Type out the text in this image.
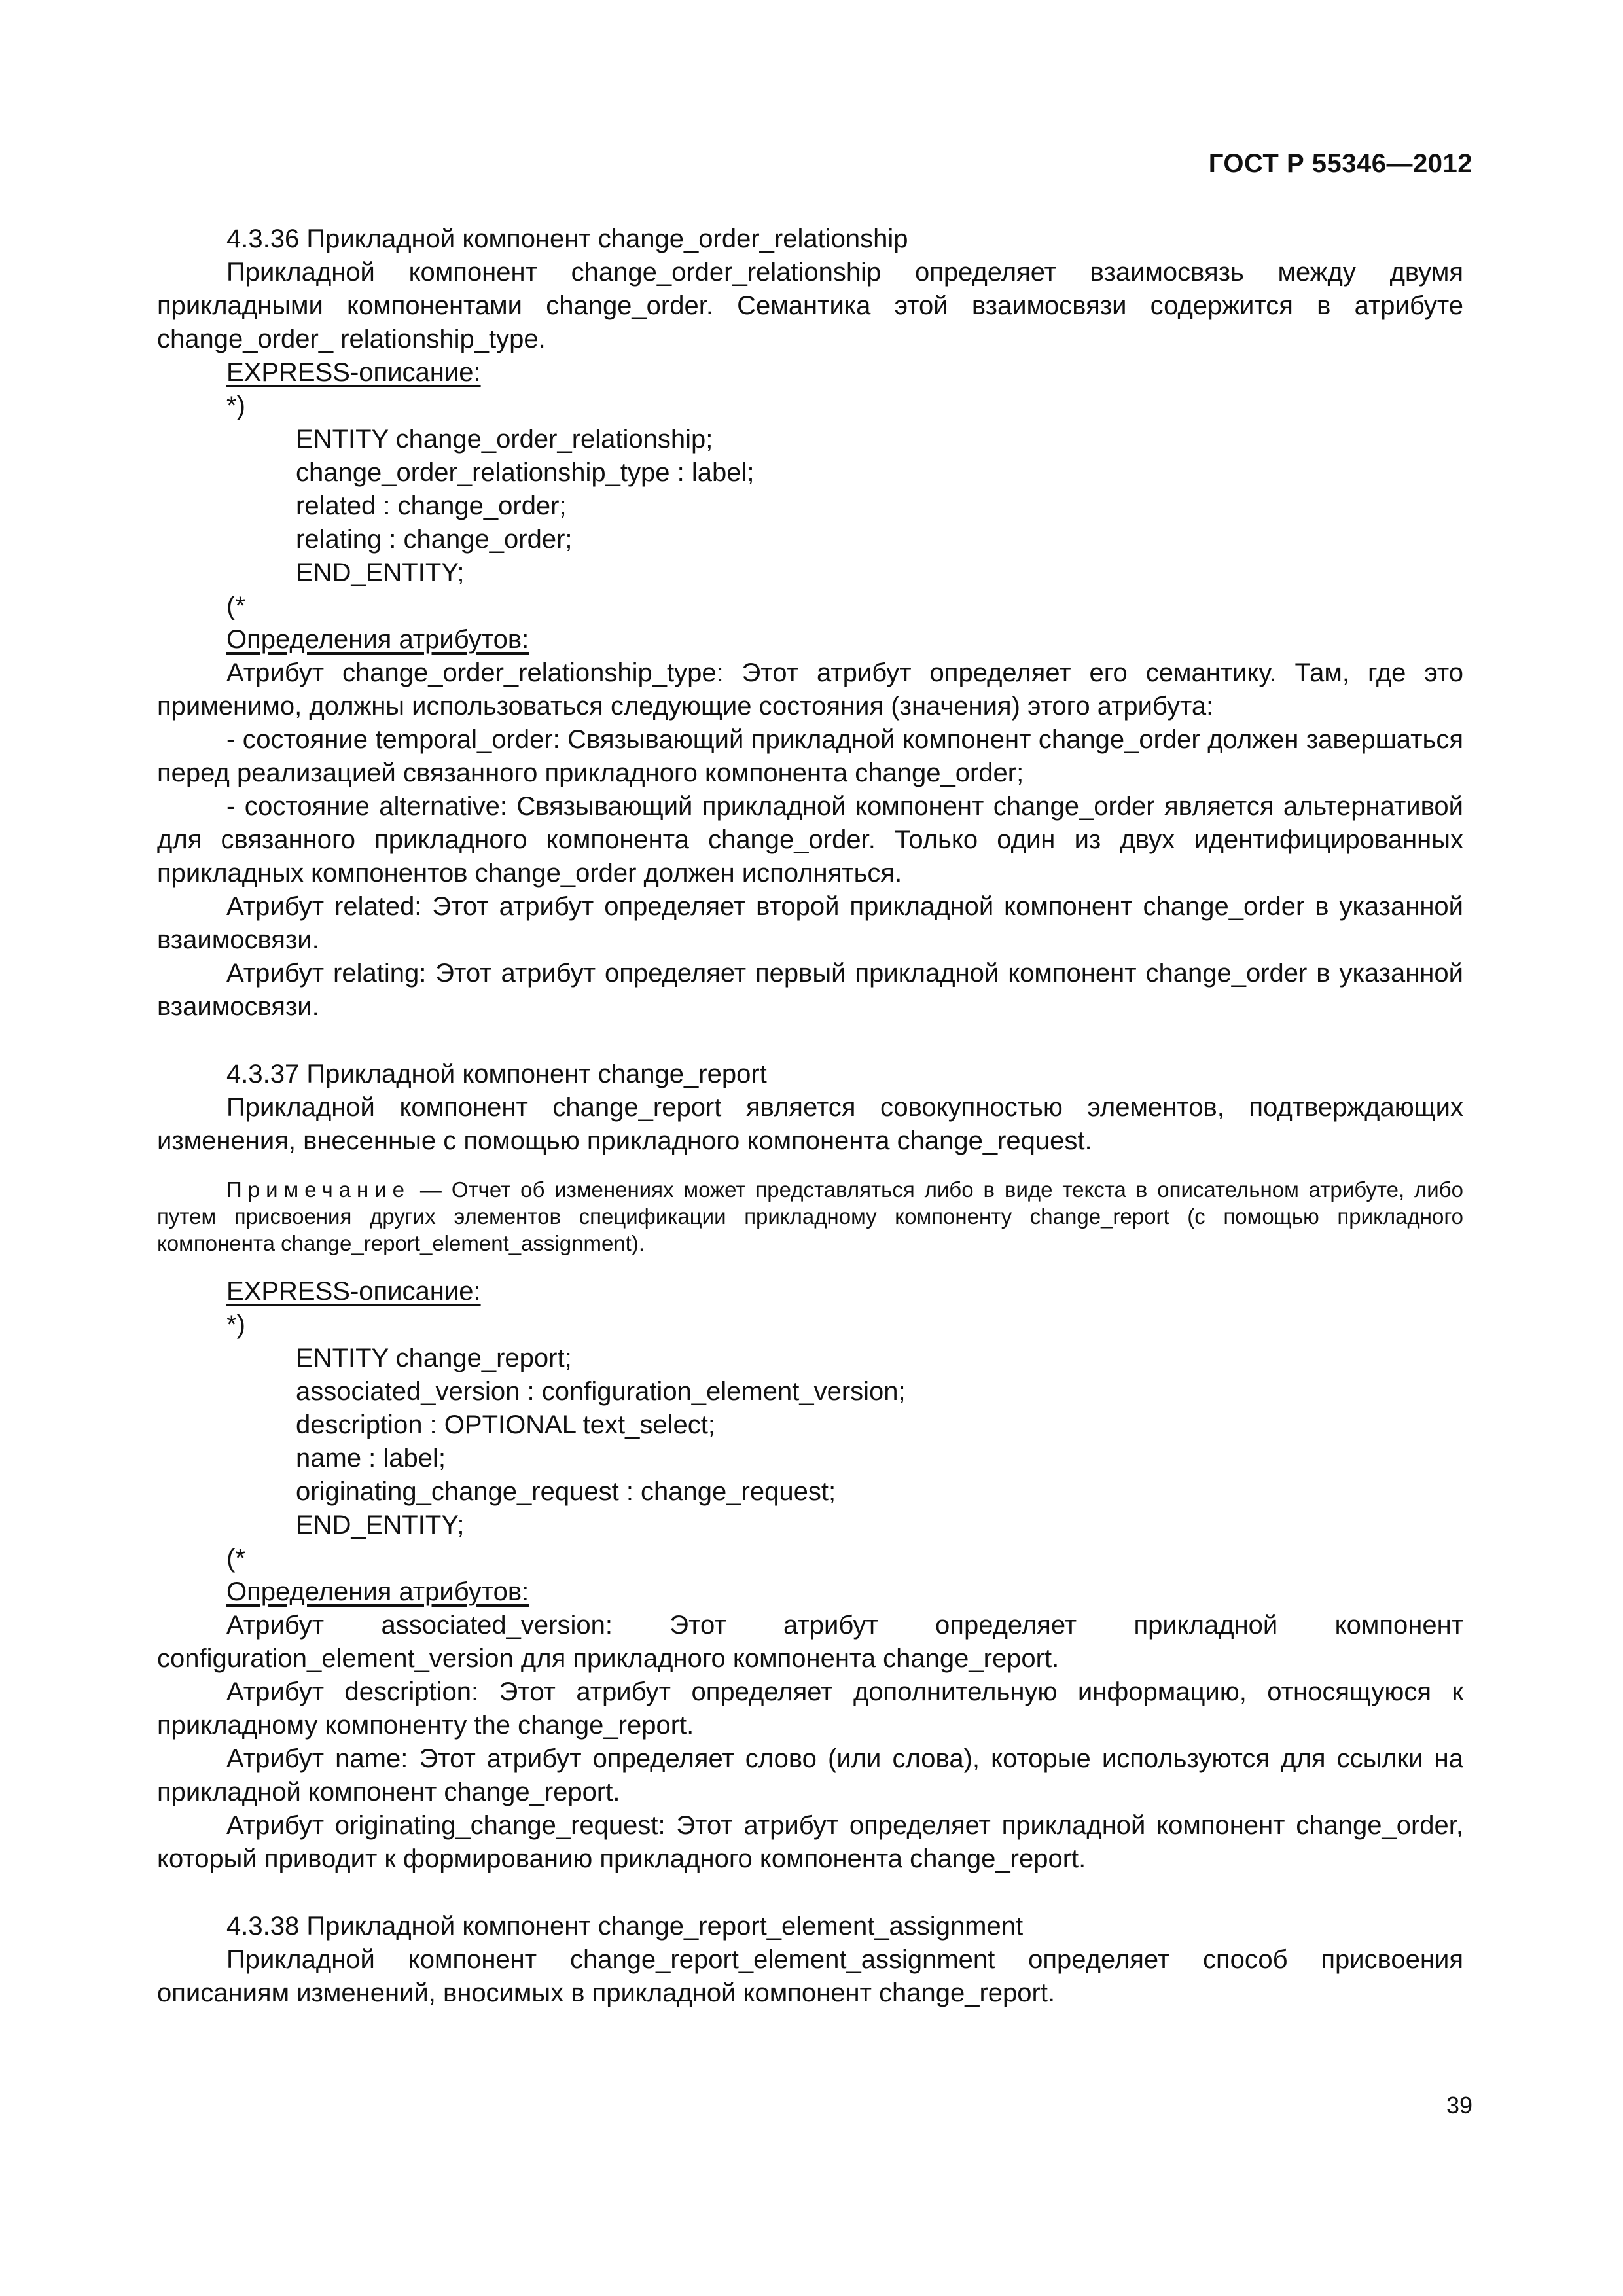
ГОСТ Р 55346—2012

4.3.36 Прикладной компонент change_order_relationship

Прикладной компонент change_order_relationship определяет взаимосвязь между двумя прикладными компонентами change_order. Семантика этой взаимосвязи содержится в атрибуте change_order_ relationship_type.

EXPRESS-описание:

*)

ENTITY change_order_relationship;

change_order_relationship_type : label;

related : change_order;

relating : change_order;

END_ENTITY;

(*

Определения атрибутов:

Атрибут change_order_relationship_type: Этот атрибут определяет его семантику. Там, где это применимо, должны использоваться следующие состояния (значения) этого атрибута:

- состояние temporal_order: Связывающий прикладной компонент change_order должен завершаться перед реализацией связанного прикладного компонента change_order;

- состояние alternative: Связывающий прикладной компонент change_order является альтернативой для связанного прикладного компонента change_order. Только один из двух идентифицированных прикладных компонентов change_order должен исполняться.

Атрибут related: Этот атрибут определяет второй прикладной компонент change_order в указанной взаимосвязи.

Атрибут relating: Этот атрибут определяет первый прикладной компонент change_order в указанной взаимосвязи.

4.3.37 Прикладной компонент change_report

Прикладной компонент change_report является совокупностью элементов, подтверждающих изменения, внесенные с помощью прикладного компонента change_request.

Примечание — Отчет об изменениях может представляться либо в виде текста в описательном атрибуте, либо путем присвоения других элементов спецификации прикладному компоненту change_report (с помощью прикладного компонента change_report_element_assignment).

EXPRESS-описание:

*)

ENTITY change_report;

associated_version : configuration_element_version;

description : OPTIONAL text_select;

name : label;

originating_change_request : change_request;

END_ENTITY;

(*

Определения атрибутов:

Атрибут associated_version: Этот атрибут определяет прикладной компонент configuration_element_version для прикладного компонента change_report.

Атрибут description: Этот атрибут определяет дополнительную информацию, относящуюся к прикладному компоненту the change_report.

Атрибут name: Этот атрибут определяет слово (или слова), которые используются для ссылки на прикладной компонент change_report.

Атрибут originating_change_request: Этот атрибут определяет прикладной компонент change_order, который приводит к формированию прикладного компонента change_report.

4.3.38 Прикладной компонент change_report_element_assignment

Прикладной компонент change_report_element_assignment определяет способ присвоения описаниям изменений, вносимых в прикладной компонент change_report.

39
